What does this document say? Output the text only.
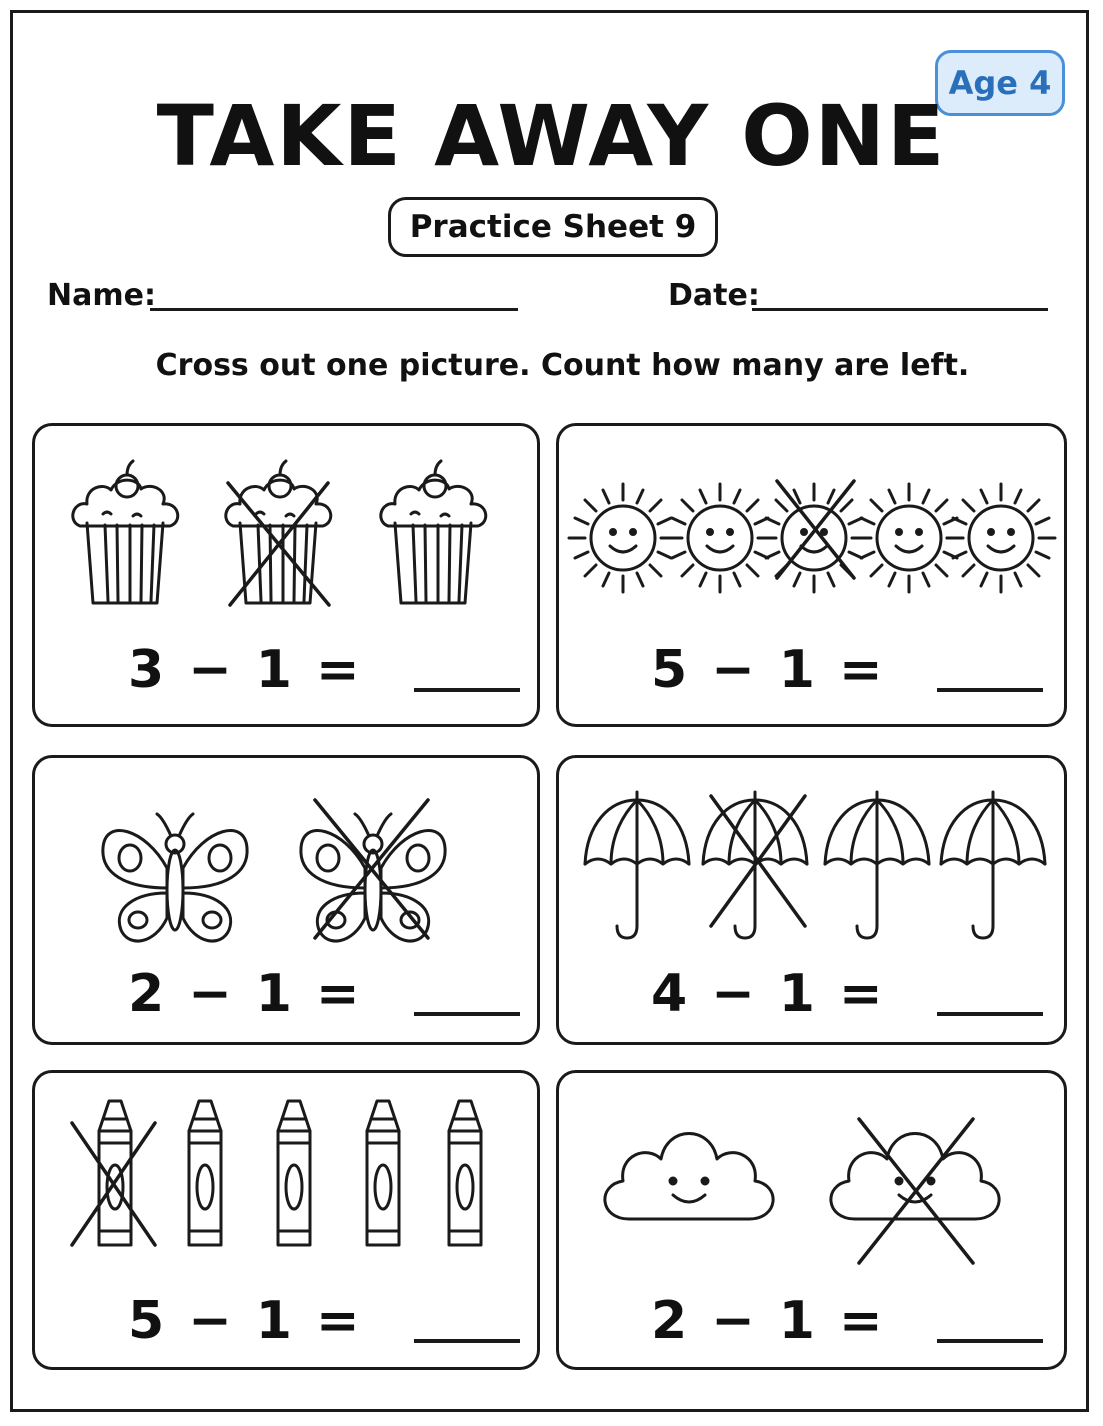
Age 4
TAKE AWAY ONE
Practice Sheet 9
Name:	Date:
Cross out one picture. Count how many are left.
3 − 1 =	5 − 1 =
2 − 1 =	4 − 1 =
5 − 1 =	2 − 1 =
